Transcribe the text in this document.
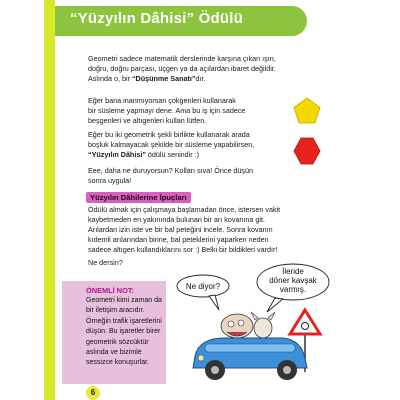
“Yüzyılın Dâhisi” Ödülü

Geometri sadece matematik derslerinde karşına çıkan ışın,

doğru, doğru parçası, üçgen ya da açılardan ibaret değildir.

Aslında o, bir “Düşünme Sanatı”dır.

Eğer bana inanmıyorsan çokgenleri kullanarak

bir süsleme yapmayı dene. Ama bu iş için sadece

beşgenleri ve altıgenleri kullan lütfen.

Eğer bu iki geometrik şekli birlikte kullanarak arada

boşluk kalmayacak şekilde bir süsleme yapabilirsen,

“Yüzyılın Dâhisi” ödülü senindir :)

Eee, daha ne duruyorsun? Kolları sıva! Önce düşün

sonra uygula!

Yüzyılın Dâhilerine İpuçları

Ödülü almak için çalışmaya başlamadan önce, istersen vakit

kaybetmeden en yakınında bulunan bir arı kovanına git.

Arılardan izin iste ve bir bal peteğini incele. Sonra kovanın

kıdemli arılarından birine, bal peteklerini yaparken neden

sadece altıgen kullandıklarını sor :) Belki bir bildikleri vardır!

Ne dersin?

ÖNEMLİ NOT:
Geometri kimi zaman da
bir iletişim aracıdır.
Örneğin trafik işaretlerini
düşün. Bu işaretler birer
geometrik sözcüktür
aslında ve bizimle
sessizce konuşurlar.
Ne diyor?
İleride
döner kavşak
varmış.
6
